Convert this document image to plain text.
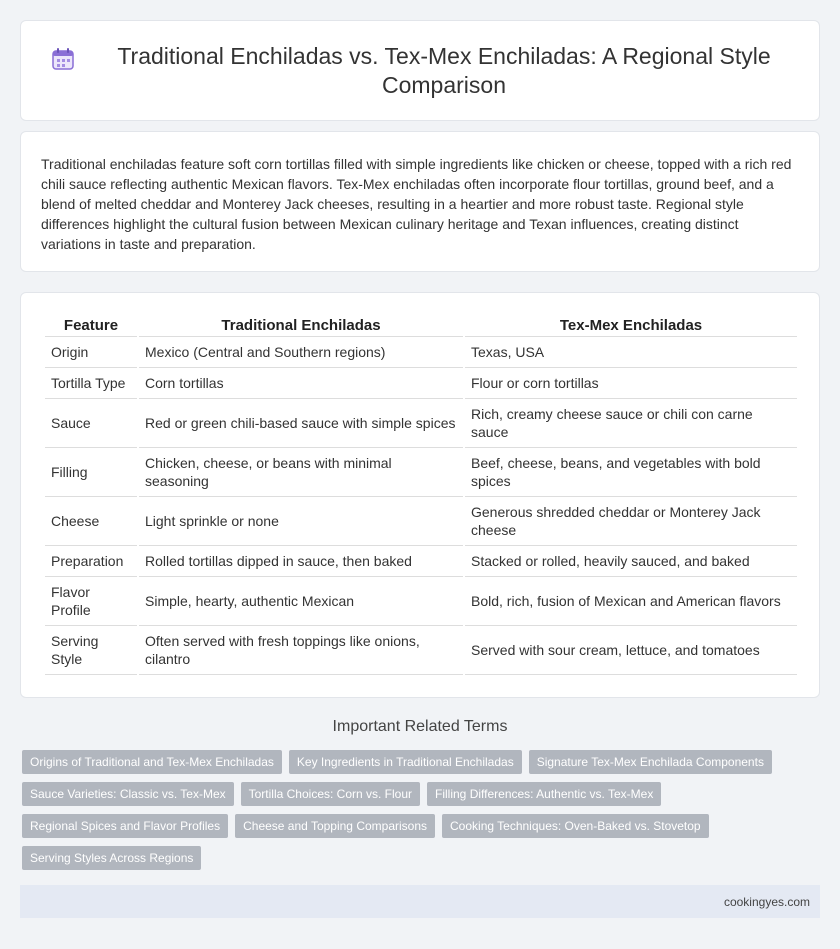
Traditional Enchiladas vs. Tex-Mex Enchiladas: A Regional Style Comparison

Traditional enchiladas feature soft corn tortillas filled with simple ingredients like chicken or cheese, topped with a rich red chili sauce reflecting authentic Mexican flavors. Tex-Mex enchiladas often incorporate flour tortillas, ground beef, and a blend of melted cheddar and Monterey Jack cheeses, resulting in a heartier and more robust taste. Regional style differences highlight the cultural fusion between Mexican culinary heritage and Texan influences, creating distinct variations in taste and preparation.

Feature	Traditional Enchiladas	Tex-Mex Enchiladas
Origin	Mexico (Central and Southern regions)	Texas, USA
Tortilla Type	Corn tortillas	Flour or corn tortillas
Sauce	Red or green chili-based sauce with simple spices	Rich, creamy cheese sauce or chili con carne sauce
Filling	Chicken, cheese, or beans with minimal seasoning	Beef, cheese, beans, and vegetables with bold spices
Cheese	Light sprinkle or none	Generous shredded cheddar or Monterey Jack cheese
Preparation	Rolled tortillas dipped in sauce, then baked	Stacked or rolled, heavily sauced, and baked
Flavor Profile	Simple, hearty, authentic Mexican	Bold, rich, fusion of Mexican and American flavors
Serving Style	Often served with fresh toppings like onions, cilantro	Served with sour cream, lettuce, and tomatoes
Important Related Terms
Origins of Traditional and Tex-Mex Enchiladas	Key Ingredients in Traditional Enchiladas	Signature Tex-Mex Enchilada Components
Sauce Varieties: Classic vs. Tex-Mex	Tortilla Choices: Corn vs. Flour	Filling Differences: Authentic vs. Tex-Mex
Regional Spices and Flavor Profiles	Cheese and Topping Comparisons	Cooking Techniques: Oven-Baked vs. Stovetop
Serving Styles Across Regions
cookingyes.com
